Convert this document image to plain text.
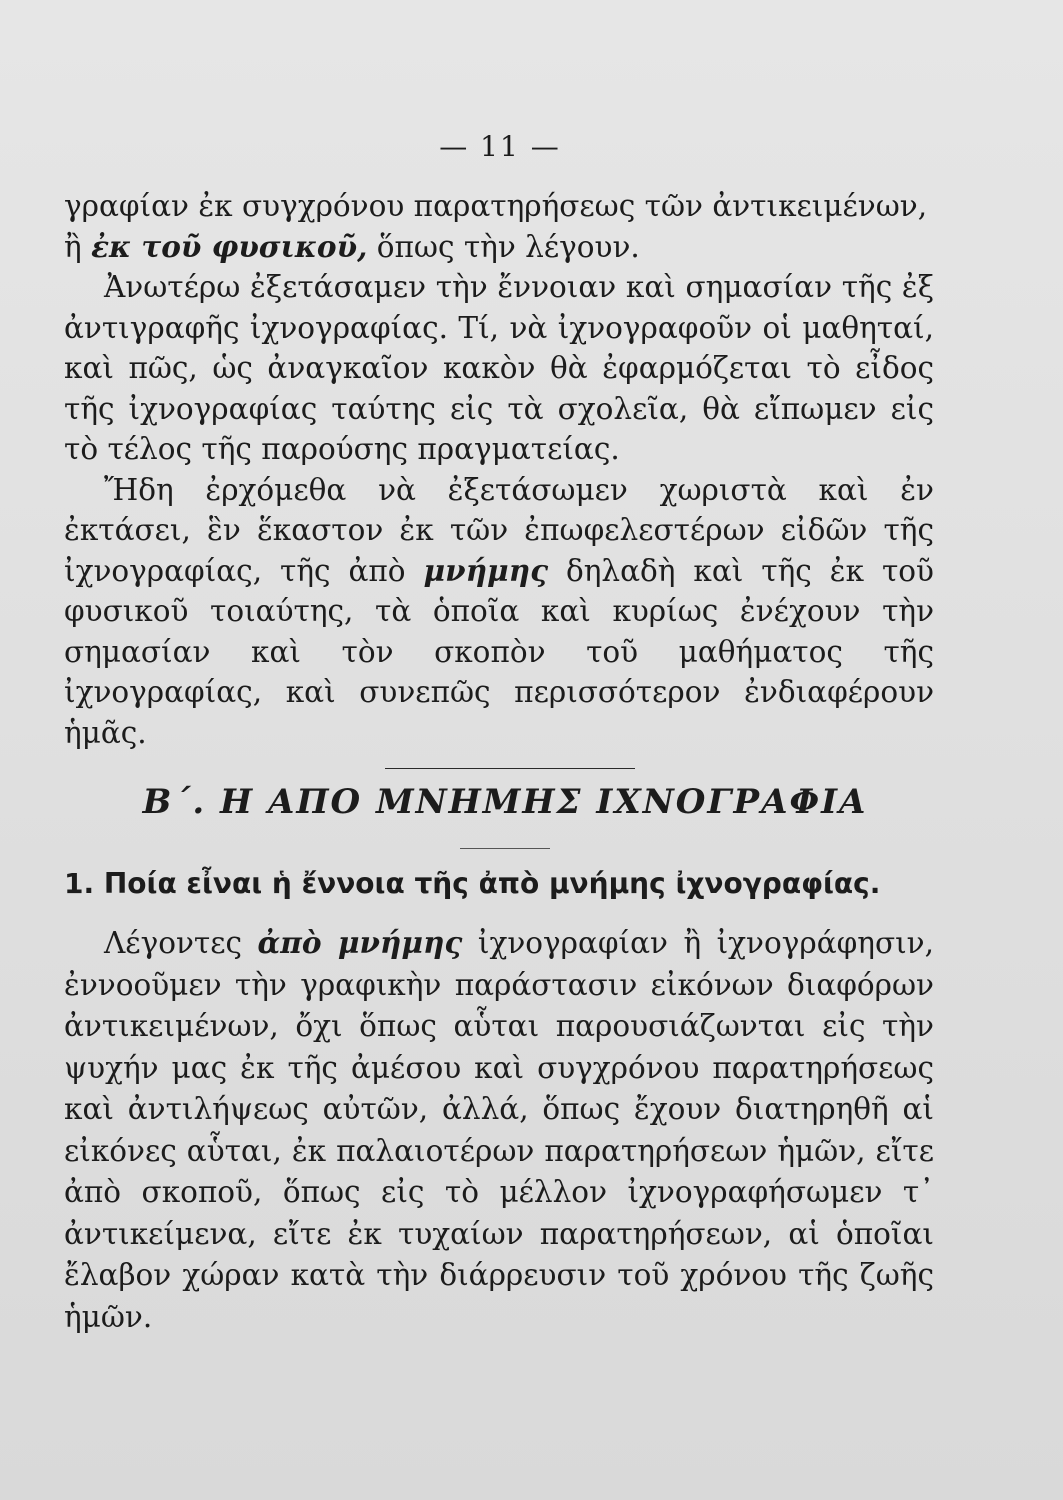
— 11 —

γραφίαν ἐκ συγχρόνου παρατηρήσεως τῶν ἀντικειμένων,
ἢ ἐκ τοῦ φυσικοῦ, ὅπως τὴν λέγουν.

Ἀνωτέρω ἐξετάσαμεν τὴν ἔννοιαν καὶ σημασίαν τῆς ἐξ ἀντιγραφῆς ἰχνογραφίας. Τί, νὰ ἰχνογραφοῦν οἱ μαθηταί, καὶ πῶς, ὡς ἀναγκαῖον κακὸν θὰ ἐφαρμόζεται τὸ εἶδος τῆς ἰχνογραφίας ταύτης εἰς τὰ σχολεῖα, θὰ εἴπωμεν εἰς τὸ τέλος τῆς παρούσης πραγματείας.

Ἤδη ἐρχόμεθα νὰ ἐξετάσωμεν χωριστὰ καὶ ἐν ἐκτάσει, ἓν ἕκαστον ἐκ τῶν ἐπωφελεστέρων εἰδῶν τῆς ἰχνογραφίας, τῆς ἀπὸ μνήμης δηλαδὴ καὶ τῆς ἐκ τοῦ φυσικοῦ τοιαύτης, τὰ ὁποῖα καὶ κυρίως ἐνέχουν τὴν σημασίαν καὶ τὸν σκοπὸν τοῦ μαθήματος τῆς ἰχνογραφίας, καὶ συνεπῶς περισσότερον ἐνδιαφέρουν ἡμᾶς.

Β΄. Η ΑΠΟ ΜΝΗΜΗΣ ΙΧΝΟΓΡΑΦΙΑ
1. Ποία εἶναι ἡ ἔννοια τῆς ἀπὸ μνήμης ἰχνογραφίας.

Λέγοντες ἀπὸ μνήμης ἰχνογραφίαν ἢ ἰχνογράφησιν, ἐννοοῦμεν τὴν γραφικὴν παράστασιν εἰκόνων διαφόρων ἀντικειμένων, ὄχι ὅπως αὗται παρουσιάζωνται εἰς τὴν ψυχήν μας ἐκ τῆς ἀμέσου καὶ συγχρόνου παρατηρήσεως καὶ ἀντιλήψεως αὐτῶν, ἀλλά, ὅπως ἔχουν διατηρηθῆ αἱ εἰκόνες αὗται, ἐκ παλαιοτέρων παρατηρήσεων ἡμῶν, εἴτε ἀπὸ σκοποῦ, ὅπως εἰς τὸ μέλλον ἰχνογραφήσωμεν τ᾽ ἀντικείμενα, εἴτε ἐκ τυχαίων παρατηρήσεων, αἱ ὁποῖαι ἔλαβον χώραν κατὰ τὴν διάρρευσιν τοῦ χρόνου τῆς ζωῆς ἡμῶν.
